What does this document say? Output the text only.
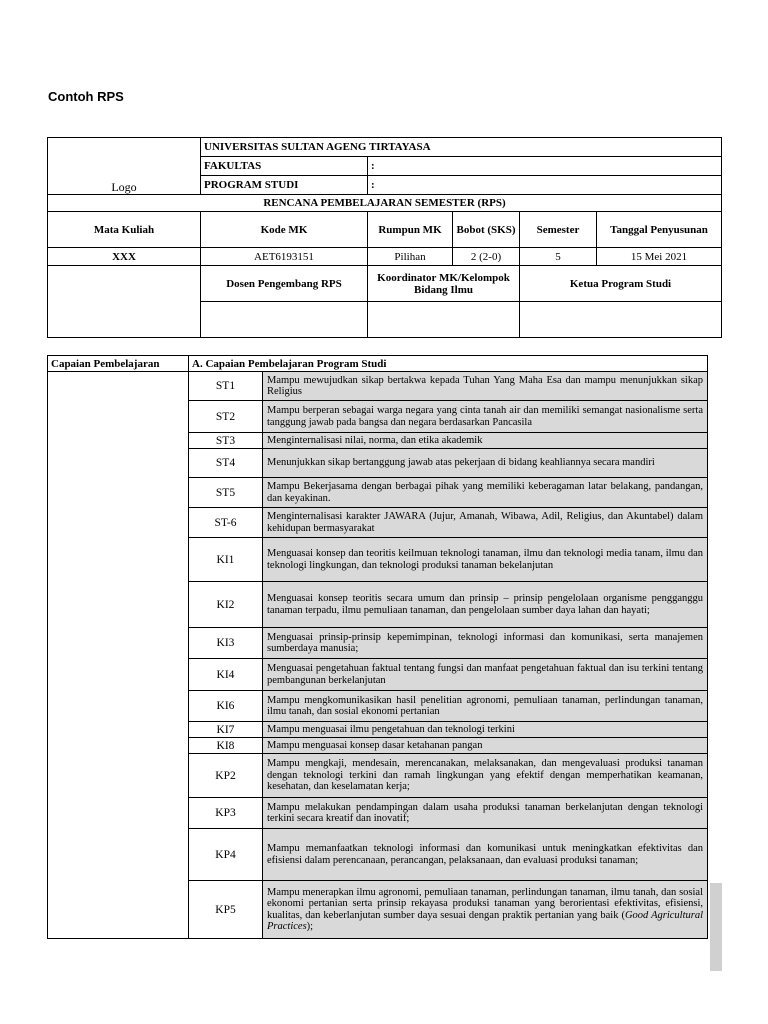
Contoh RPS
Logo	UNIVERSITAS SULTAN AGENG TIRTAYASA				
	FAKULTAS	:			
	PROGRAM STUDI	:			
RENCANA PEMBELAJARAN SEMESTER (RPS)					
Mata Kuliah	Kode MK	Rumpun MK	Bobot (SKS)	Semester	Tanggal Penyusunan
XXX	AET6193151	Pilihan	2 (2-0)	5	15 Mei 2021
	Dosen Pengembang RPS	Koordinator MK/Kelompok Bidang Ilmu		Ketua Program Studi	

Capaian Pembelajaran	A. Capaian Pembelajaran Program Studi	
	ST1	Mampu mewujudkan sikap bertakwa kepada Tuhan Yang Maha Esa dan mampu menunjukkan sikap Religius
	ST2	Mampu berperan sebagai warga negara yang cinta tanah air dan memiliki semangat nasionalisme serta tanggung jawab pada bangsa dan negara berdasarkan Pancasila
	ST3	Menginternalisasi nilai, norma, dan etika akademik
	ST4	Menunjukkan sikap bertanggung jawab atas pekerjaan di bidang keahliannya secara mandiri
	ST5	Mampu Bekerjasama dengan berbagai pihak yang memiliki keberagaman latar belakang, pandangan, dan keyakinan.
	ST-6	Menginternalisasi karakter JAWARA (Jujur, Amanah, Wibawa, Adil, Religius, dan Akuntabel) dalam kehidupan bermasyarakat
	KI1	Menguasai konsep dan teoritis keilmuan teknologi tanaman, ilmu dan teknologi media tanam, ilmu dan teknologi lingkungan, dan teknologi produksi tanaman bekelanjutan
	KI2	Menguasai konsep teoritis secara umum dan prinsip – prinsip pengelolaan organisme pengganggu tanaman terpadu, ilmu pemuliaan tanaman, dan pengelolaan sumber daya lahan dan hayati;
	KI3	Menguasai prinsip-prinsip kepemimpinan, teknologi informasi dan komunikasi, serta manajemen sumberdaya manusia;
	KI4	Menguasai pengetahuan faktual tentang fungsi dan manfaat pengetahuan faktual dan isu terkini tentang pembangunan berkelanjutan
	KI6	Mampu mengkomunikasikan hasil penelitian agronomi, pemuliaan tanaman, perlindungan tanaman, ilmu tanah, dan sosial ekonomi pertanian
	KI7	Mampu menguasai ilmu pengetahuan dan teknologi terkini
	KI8	Mampu menguasai konsep dasar ketahanan pangan
	KP2	Mampu mengkaji, mendesain, merencanakan, melaksanakan, dan mengevaluasi produksi tanaman dengan teknologi terkini dan ramah lingkungan yang efektif dengan memperhatikan keamanan, kesehatan, dan keselamatan kerja;
	KP3	Mampu melakukan pendampingan dalam usaha produksi tanaman berkelanjutan dengan teknologi terkini secara kreatif dan inovatif;
	KP4	Mampu memanfaatkan teknologi informasi dan komunikasi untuk meningkatkan efektivitas dan efisiensi dalam perencanaan, perancangan, pelaksanaan, dan evaluasi produksi tanaman;
	KP5	Mampu menerapkan ilmu agronomi, pemuliaan tanaman, perlindungan tanaman, ilmu tanah, dan sosial ekonomi pertanian serta prinsip rekayasa produksi tanaman yang berorientasi efektivitas, efisiensi, kualitas, dan keberlanjutan sumber daya sesuai dengan praktik pertanian yang baik (Good Agricultural Practices);
